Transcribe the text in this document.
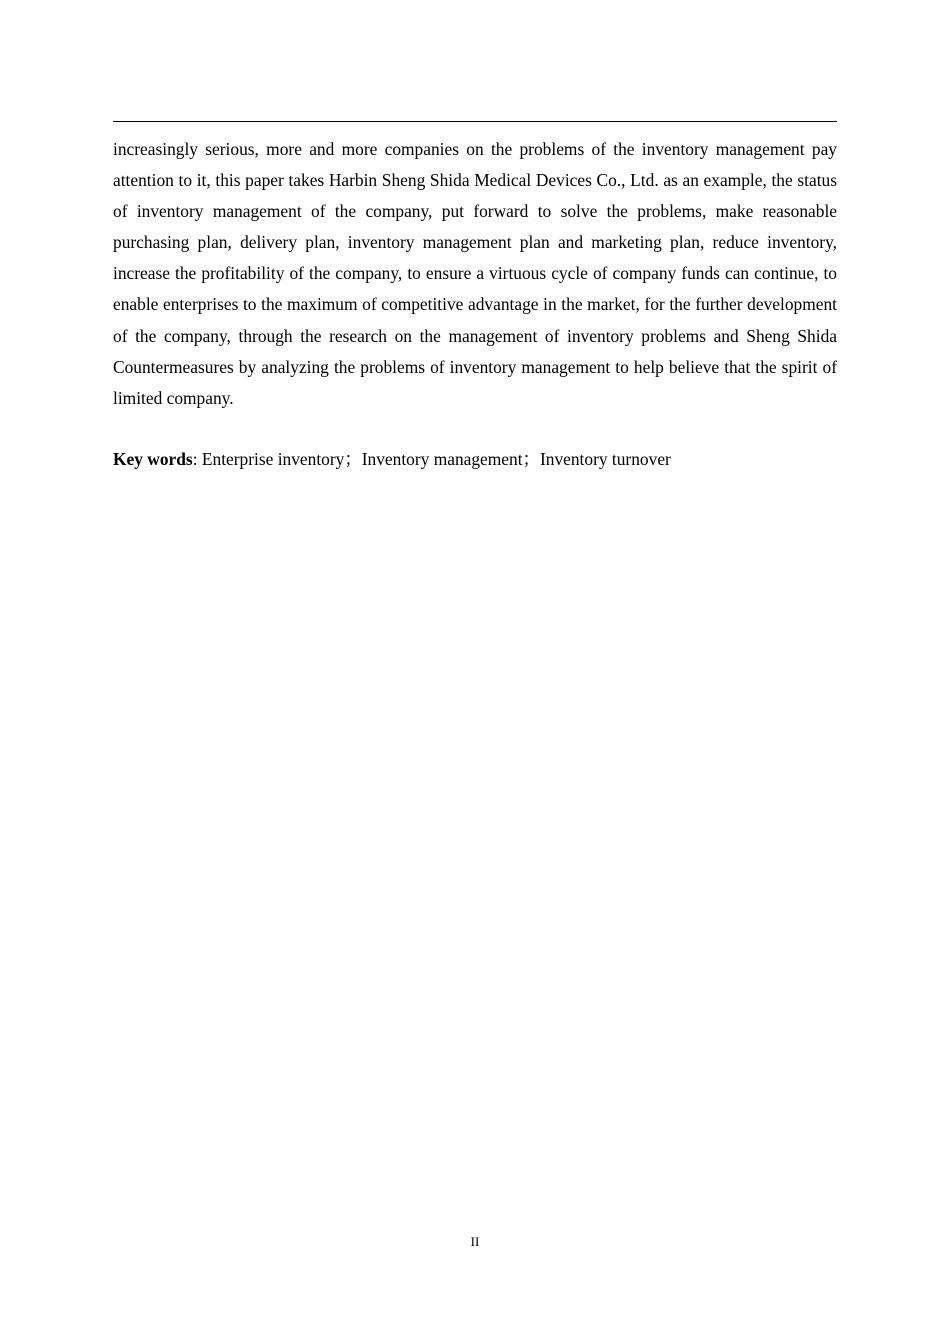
increasingly serious, more and more companies on the problems of the inventory management pay attention to it, this paper takes Harbin Sheng Shida Medical Devices Co., Ltd. as an example, the status of inventory management of the company, put forward to solve the problems, make reasonable purchasing plan, delivery plan, inventory management plan and marketing plan, reduce inventory, increase the profitability of the company, to ensure a virtuous cycle of company funds can continue, to enable enterprises to the maximum of competitive advantage in the market, for the further development of the company, through the research on the management of inventory problems and Sheng Shida Countermeasures by analyzing the problems of inventory management to help believe that the spirit of limited company.

Key words: Enterprise inventory；Inventory management；Inventory turnover

II
